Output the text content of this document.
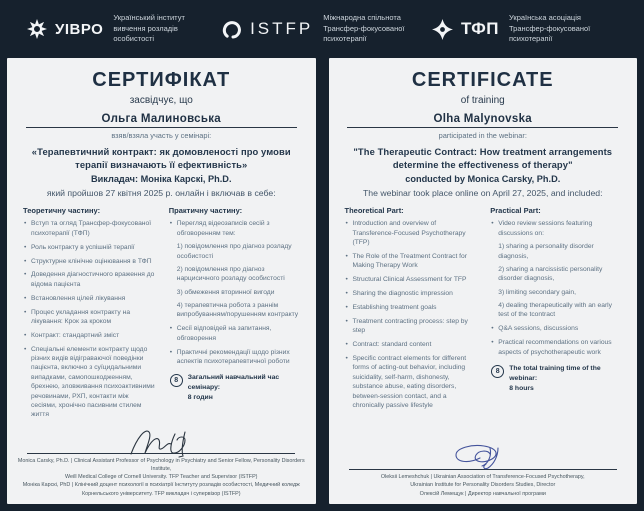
УІВРО
Український інститут вивчення розладів особистості
ISTFP
Міжнародна спільнота Трансфер-фокусованої психотерапії
ТФП
Українська асоціація Трансфер-фокусованої психотерапії
СЕРТИФІКАТ
засвідчує, що
Ольга Малиновська
взяв/взяла участь у семінарі:
«Терапевтичний контракт: як домовленості про умови терапії визначають її ефективність»
Викладач: Моніка Карскі, Ph.D.
який пройшов 27 квітня 2025 р. онлайн і включав в себе:
Теоретичну частину:
• Вступ та огляд Трансфер-фокусованої психотерапії (ТФП)
• Роль контракту в успішній терапії
• Структурне клінічне оцінювання в ТФП
• Доведення діагностичного враження до відома пацієнта
• Встановлення цілей лікування
• Процес укладання контракту на лікування: Крок за кроком
• Контракт: стандартний зміст
• Спеціальні елементи контракту щодо різних видів відіграваючої поведінки пацієнта, включно з суїцидальними випадками, самопошкодженням, брехнею, зловживання психоактивними речовинами, РХП, контакти між сесіями, хронічно пасивним стилем життя
Практичну частину:
• Перегляд відеозаписів сесій з обговоренням тем:

1) повідомлення про діагноз розладу особистості

2) повідомлення про діагноз нарцисичного розладу особистості

3) обмеження вторинної вигоди

4) терапевтична робота з раннім випробуванням/порушенням контракту

• Сесії відповідей на запитання, обговорення
• Практичні рекомендації щодо різних аспектів психотерапевтичної роботи
8	Загальний навчальний час семінару:
8 годин
Monica Carsky, Ph.D. | Clinical Assistant Professor of Psychology in Psychiatry and Senior Fellow, Personality Disorders Institute,
Weill Medical College of Cornell University. TFP Teacher and Supervisor (ISTFP)
Моніка Карскі, PhD | Клінічний доцент психології в психіатрії Інституту розладів особистості, Медичний коледж
Корнельського університету. TFP викладач і супервізор (ISTFP)
CERTIFICATE
of training
Olha Malynovska
participated in the webinar:
"The Therapeutic Contract: How treatment arrangements determine the effectiveness of therapy"
conducted by Monica Carsky, Ph.D.
The webinar took place online on April 27, 2025, and included:
Theoretical Part:
• Introduction and overview of Transference-Focused Psychotherapy (TFP)
• The Role of the Treatment Contract for Making Therapy Work
• Structural Clinical Assessment for TFP
• Sharing the diagnostic impression
• Establishing treatment goals
• Treatment contracting process: step by step
• Contract: standard content
• Specific contract elements for different forms of acting-out behavior, including suicidality, self-harm, dishonesty, substance abuse, eating disorders, between-session contact, and a chronically passive lifestyle
Practical Part:
• Video review sessions featuring discussions on:

1) sharing a personality disorder diagnosis,

2) sharing a narcissistic personality disorder diagnosis,

3) limiting secondary gain,

4) dealing therapeutically with an early test of the tcontract

• Q&A sessions, discussions
• Practical recommendations on various aspects of psychotherapeutic work
8	The total training time of the webinar:
8 hours
Oleksii Lemeshchuk | Ukrainian Association of Transference-Focused Psychotherapy,
Ukrainian Institute for Personality Disorders Studies, Director
Олексій Лемещук | Директор навчальної програми
